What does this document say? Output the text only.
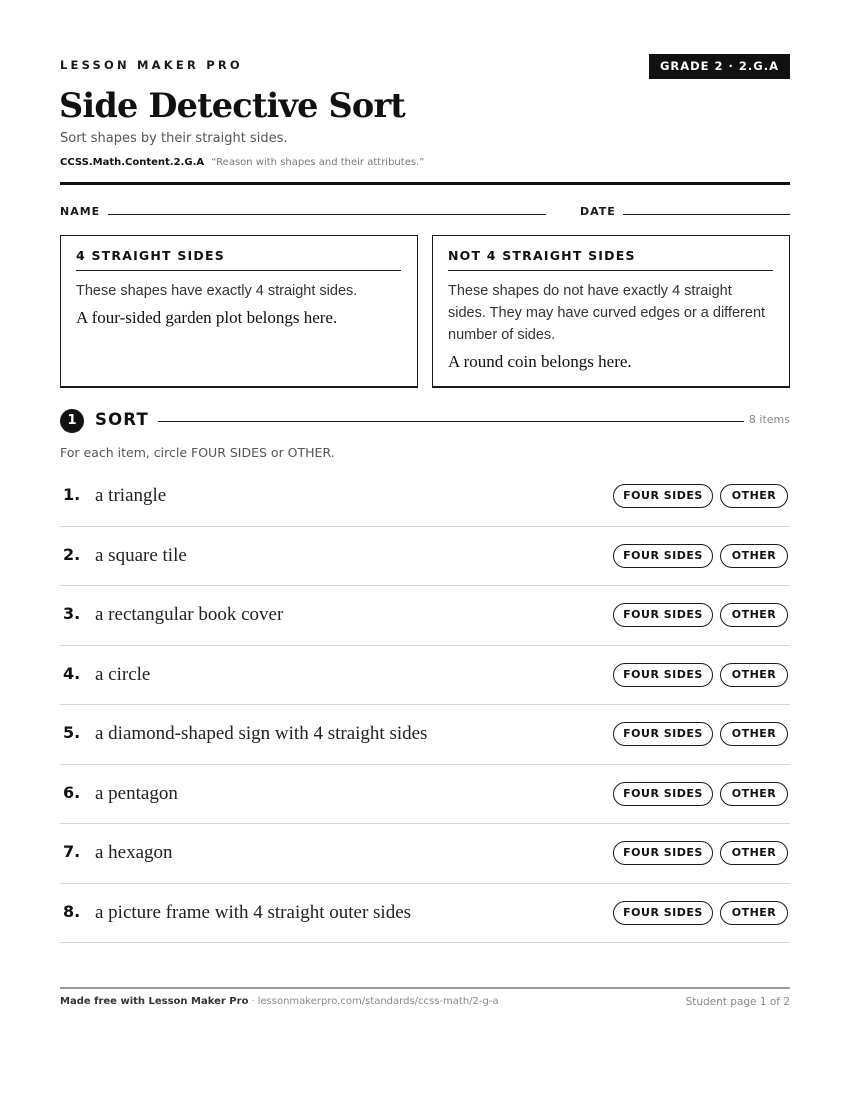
LESSON MAKER PRO	GRADE 2 · 2.G.A
Side Detective Sort
Sort shapes by their straight sides.
CCSS.Math.Content.2.G.A “Reason with shapes and their attributes.”
NAME	DATE
4 STRAIGHT SIDES
These shapes have exactly 4 straight sides.
A four-sided garden plot belongs here.
NOT 4 STRAIGHT SIDES
These shapes do not have exactly 4 straight sides. They may have curved edges or a different number of sides.
A round coin belongs here.
1	SORT	8 items
For each item, circle FOUR SIDES or OTHER.
1. a triangle	FOUR SIDES	OTHER
2. a square tile	FOUR SIDES	OTHER
3. a rectangular book cover	FOUR SIDES	OTHER
4. a circle	FOUR SIDES	OTHER
5. a diamond-shaped sign with 4 straight sides	FOUR SIDES	OTHER
6. a pentagon	FOUR SIDES	OTHER
7. a hexagon	FOUR SIDES	OTHER
8. a picture frame with 4 straight outer sides	FOUR SIDES	OTHER
Made free with Lesson Maker Pro · lessonmakerpro.com/standards/ccss-math/2-g-a	Student page 1 of 2
